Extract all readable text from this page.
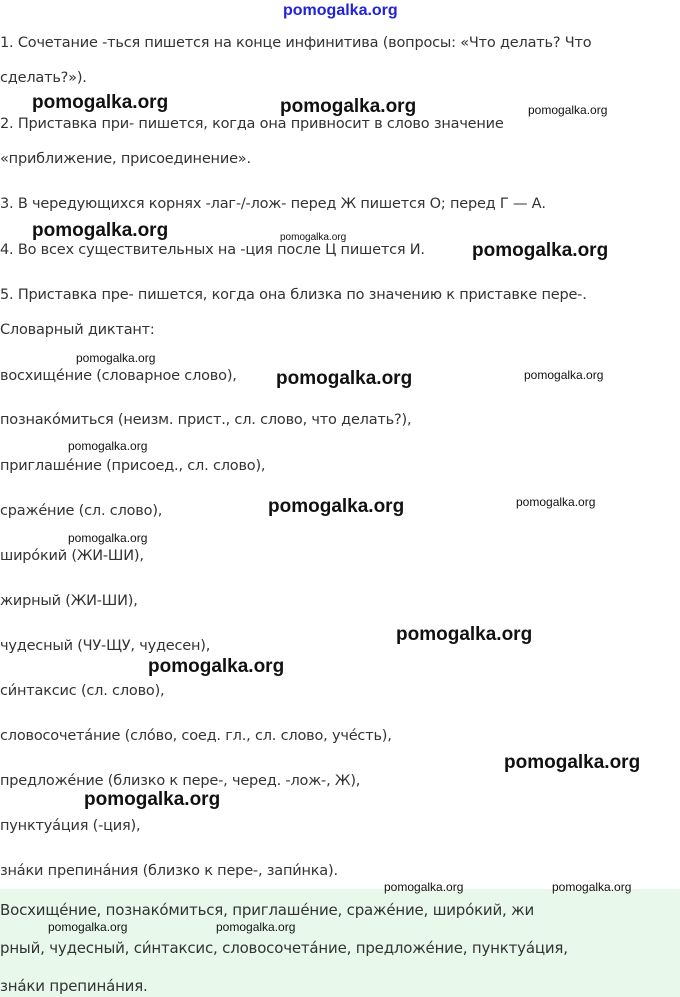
pomogalka.org

1. Сочетание -ться пишется на конце инфинитива (вопросы: «Что делать? Что

сделать?»).

2. Приставка при- пишется, когда она привносит в слово значение

«приближение, присоединение».

3. В чередующихся корнях -лаг-/-лож- перед Ж пишется О; перед Г — А.

4. Во всех существительных на -ция после Ц пишется И.

5. Приставка пре- пишется, когда она близка по значению к приставке пере-.

Словарный диктант:

восхищéние (словарное слово),

познакóмиться (неизм. прист., сл. слово, что делать?),

приглашéние (присоед., сл. слово),

сражéние (сл. слово),

широ́кий (ЖИ-ШИ),

жирный (ЖИ-ШИ),

чудесный (ЧУ-ЩУ, чудесен),

си́нтаксис (сл. слово),

словосочета́ние (сло́во, соед. гл., сл. слово, учéсть),

предложéние (близко к пере-, черед. -лож-, Ж),

пунктуа́ция (-ция),

зна́ки препина́ния (близко к пере-, запи́нка).

Восхищéние, познакóмиться, приглашéние, сражéние, широ́кий, жи

рный, чудесный, си́нтаксис, словосочета́ние, предложéние, пунктуа́ция,

зна́ки препина́ния.

pomogalka.org	pomogalka.org	pomogalka.org
pomogalka.org	pomogalka.org
pomogalka.org
pomogalka.org
pomogalka.org	pomogalka.org
pomogalka.org
pomogalka.org	pomogalka.org
pomogalka.org
pomogalka.org
pomogalka.org
pomogalka.org
pomogalka.org
pomogalka.org	pomogalka.org
pomogalka.org	pomogalka.org
